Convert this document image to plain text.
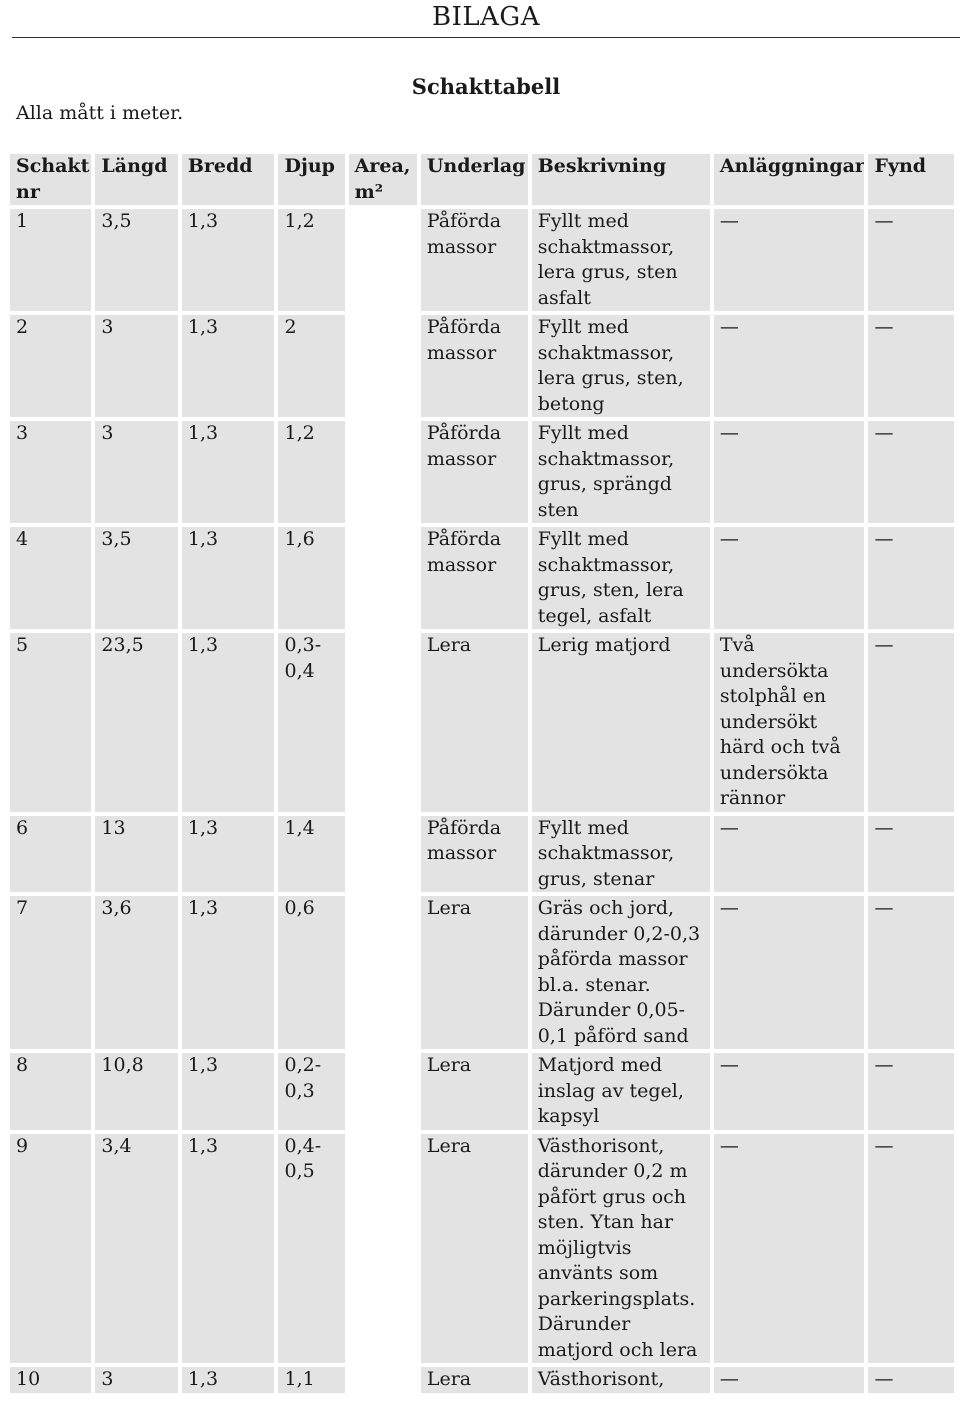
BILAGA
Schakttabell
Alla mått i meter.
Schakt nr	Längd	Bredd	Djup	Area, m²	Underlag	Beskrivning	Anläggningar	Fynd
1	3,5	1,3	1,2		Påförda massor	Fyllt med schaktmassor, lera grus, sten asfalt	—	—
2	3	1,3	2		Påförda massor	Fyllt med schaktmassor, lera grus, sten, betong	—	—
3	3	1,3	1,2		Påförda massor	Fyllt med schaktmassor, grus, sprängd sten	—	—
4	3,5	1,3	1,6		Påförda massor	Fyllt med schaktmassor, grus, sten, lera tegel, asfalt	—	—
5	23,5	1,3	0,3-0,4		Lera	Lerig matjord	Två undersökta stolphål en undersökt härd och två undersökta rännor	—
6	13	1,3	1,4		Påförda massor	Fyllt med schaktmassor, grus, stenar	—	—
7	3,6	1,3	0,6		Lera	Gräs och jord, därunder 0,2-0,3 påförda massor bl.a. stenar. Därunder 0,05-0,1 påförd sand	—	—
8	10,8	1,3	0,2-0,3		Lera	Matjord med inslag av tegel, kapsyl	—	—
9	3,4	1,3	0,4-0,5		Lera	Västhorisont, därunder 0,2 m påfört grus och sten. Ytan har möjligtvis använts som parkeringsplats. Därunder matjord och lera	—	—
10	3	1,3	1,1		Lera	Västhorisont,	—	—
